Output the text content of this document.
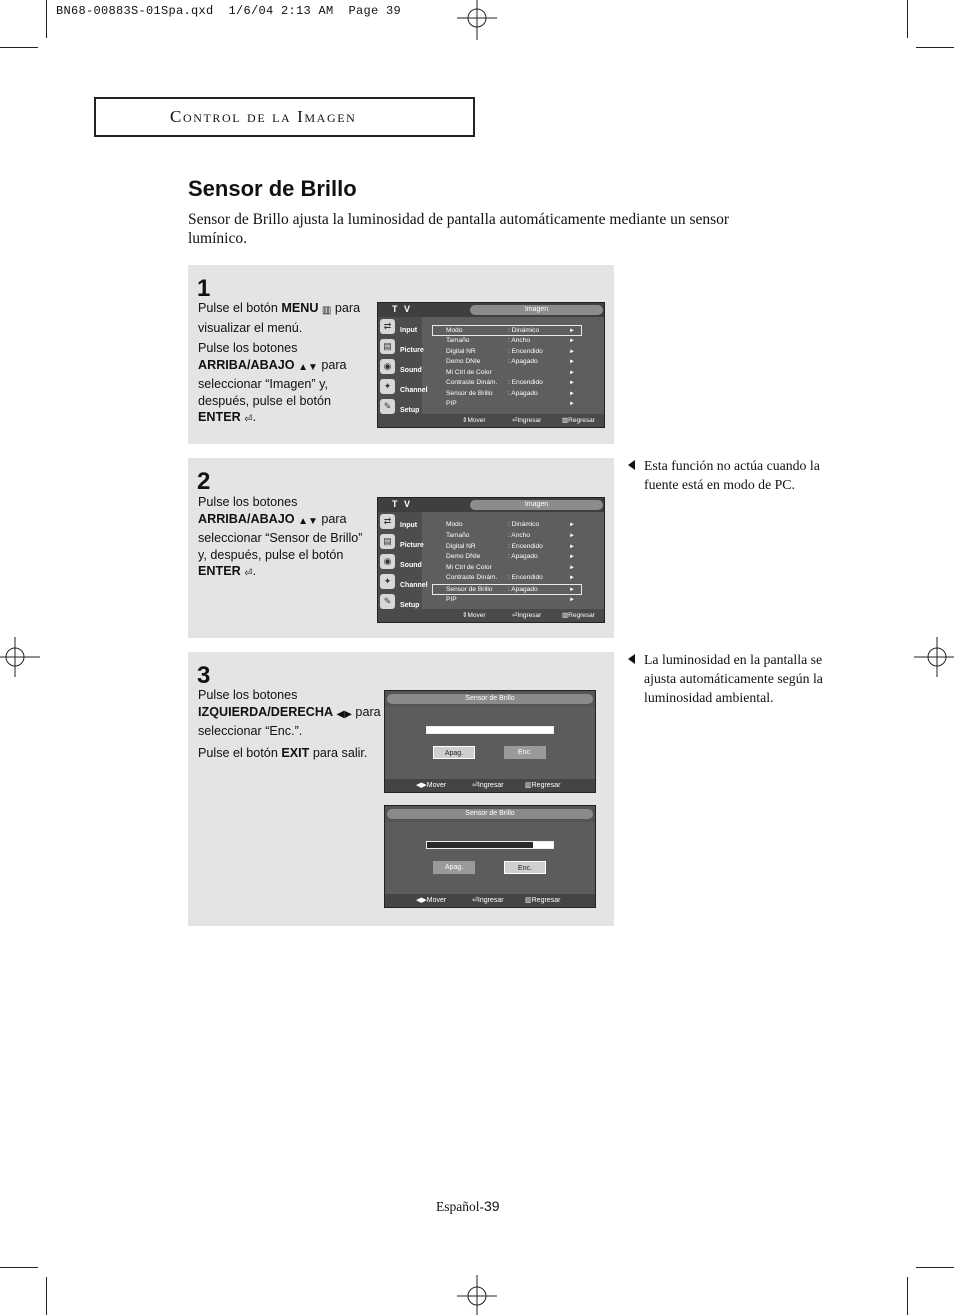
BN68-00883S-01Spa.qxd  1/6/04 2:13 AM  Page 39
Control de la Imagen
Sensor de Brillo

Sensor de Brillo ajusta la luminosidad de pantalla automáticamente mediante un sensor lumínico.

1
Pulse el botón MENU ▥ para visualizar el menú.
Pulse los botones ARRIBA/ABAJO ▲▼ para seleccionar “Imagen” y, después, pulse el botón ENTER ⏎.
T V	Imagen
⇄	Input
▤	Picture
◉	Sound
✦	Channel
✎	Setup
Modo	: Dinámico	►
Tamaño	: Ancho	►
Digital NR	: Encendido	►
Demo DNIe	: Apagado	►
Mi Ctrl de Color	►
Contraste Dinám. : Encendido	►
Sensor de Brillo : Apagado	►
PIP	►
⇕ Mover	⏎ Ingresar	▥ Regresar
2
Pulse los botones ARRIBA/ABAJO ▲▼ para seleccionar “Sensor de Brillo” y, después, pulse el botón ENTER ⏎.
T V	Imagen
⇄	Input
▤	Picture
◉	Sound
✦	Channel
✎	Setup
Modo	: Dinámico	►
Tamaño	: Ancho	►
Digital NR	: Encendido	►
Demo DNIe	: Apagado	►
Mi Ctrl de Color	►
Contraste Dinám. : Encendido	►
Sensor de Brillo : Apagado	►
PIP	►
⇕ Mover	⏎ Ingresar	▥ Regresar
3
Pulse los botones IZQUIERDA/DERECHA ◀▶ para seleccionar “Enc.”.
Pulse el botón EXIT para salir.
Sensor de Brillo
Apag.	Enc.
◀▶ Mover	⏎ Ingresar	▥ Regresar
Sensor de Brillo
Apag.	Enc.
◀▶ Mover	⏎ Ingresar	▥ Regresar
Esta función no actúa cuando la fuente está en modo de PC.
La luminosidad en la pantalla se ajusta automáticamente según la luminosidad ambiental.
Español-39
